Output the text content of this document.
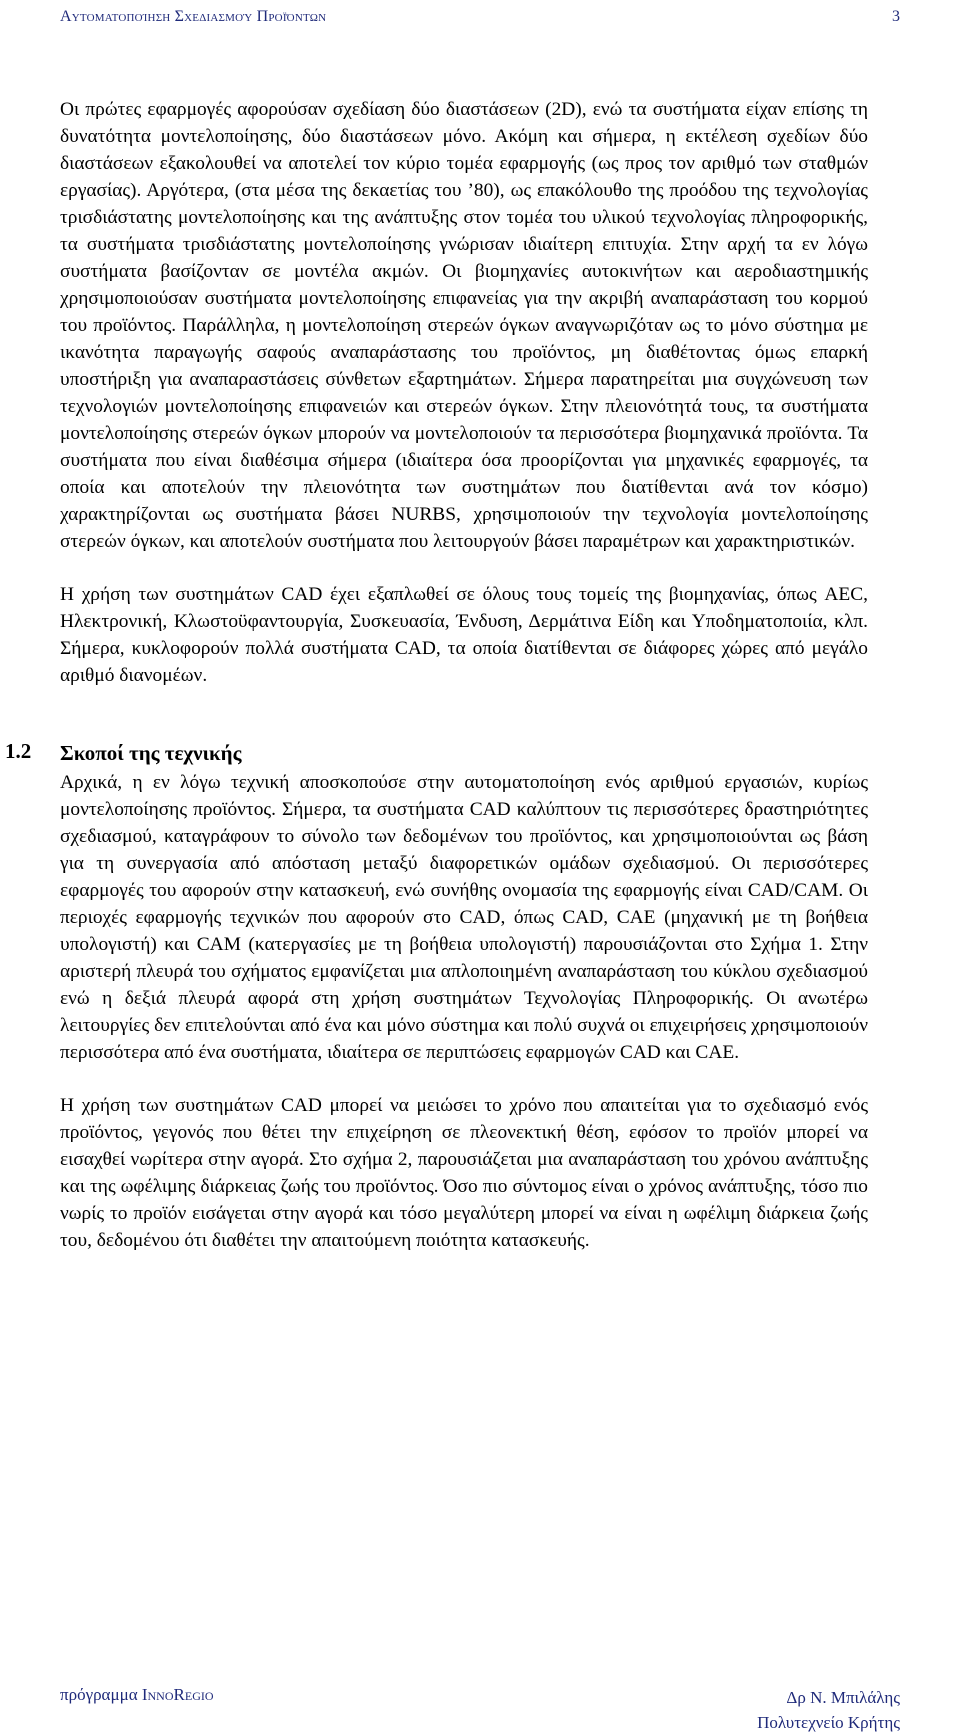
Αυτοματοποίηση Σχεδιασμού Προϊόντων	3

Οι πρώτες εφαρμογές αφορούσαν σχεδίαση δύο διαστάσεων (2D), ενώ τα συστήματα είχαν επίσης τη δυνατότητα μοντελοποίησης, δύο διαστάσεων μόνο. Ακόμη και σήμερα, η εκτέλεση σχεδίων δύο διαστάσεων εξακολουθεί να αποτελεί τον κύριο τομέα εφαρμογής (ως προς τον αριθμό των σταθμών εργασίας). Αργότερα, (στα μέσα της δεκαετίας του ’80), ως επακόλουθο της προόδου της τεχνολογίας τρισδιάστατης μοντελοποίησης και της ανάπτυξης στον τομέα του υλικού τεχνολογίας πληροφορικής, τα συστήματα τρισδιάστατης μοντελοποίησης γνώρισαν ιδιαίτερη επιτυχία. Στην αρχή τα εν λόγω συστήματα βασίζονταν σε μοντέλα ακμών. Οι βιομηχανίες αυτοκινήτων και αεροδιαστημικής χρησιμοποιούσαν συστήματα μοντελοποίησης επιφανείας για την ακριβή αναπαράσταση του κορμού του προϊόντος. Παράλληλα, η μοντελοποίηση στερεών όγκων αναγνωριζόταν ως το μόνο σύστημα με ικανότητα παραγωγής σαφούς αναπαράστασης του προϊόντος, μη διαθέτοντας όμως επαρκή υποστήριξη για αναπαραστάσεις σύνθετων εξαρτημάτων. Σήμερα παρατηρείται μια συγχώνευση των τεχνολογιών μοντελοποίησης επιφανειών και στερεών όγκων. Στην πλειονότητά τους, τα συστήματα μοντελοποίησης στερεών όγκων μπορούν να μοντελοποιούν τα περισσότερα βιομηχανικά προϊόντα. Τα συστήματα που είναι διαθέσιμα σήμερα (ιδιαίτερα όσα προορίζονται για μηχανικές εφαρμογές, τα οποία και αποτελούν την πλειονότητα των συστημάτων που διατίθενται ανά τον κόσμο) χαρακτηρίζονται ως συστήματα βάσει NURBS, χρησιμοποιούν την τεχνολογία μοντελοποίησης στερεών όγκων, και αποτελούν συστήματα που λειτουργούν βάσει παραμέτρων και χαρακτηριστικών.

Η χρήση των συστημάτων CAD έχει εξαπλωθεί σε όλους τους τομείς της βιομηχανίας, όπως AEC, Ηλεκτρονική, Κλωστοϋφαντουργία, Συσκευασία, Ένδυση, Δερμάτινα Είδη και Υποδηματοποιία, κλπ. Σήμερα, κυκλοφορούν πολλά συστήματα CAD, τα οποία διατίθενται σε διάφορες χώρες από μεγάλο αριθμό διανομέων.

1.2 Σκοποί της τεχνικής

Αρχικά, η εν λόγω τεχνική αποσκοπούσε στην αυτοματοποίηση ενός αριθμού εργασιών, κυρίως μοντελοποίησης προϊόντος. Σήμερα, τα συστήματα CAD καλύπτουν τις περισσότερες δραστηριότητες σχεδιασμού, καταγράφουν το σύνολο των δεδομένων του προϊόντος, και χρησιμοποιούνται ως βάση για τη συνεργασία από απόσταση μεταξύ διαφορετικών ομάδων σχεδιασμού. Οι περισσότερες εφαρμογές του αφορούν στην κατασκευή, ενώ συνήθης ονομασία της εφαρμογής είναι CAD/CAM. Οι περιοχές εφαρμογής τεχνικών που αφορούν στο CAD, όπως CAD, CAE (μηχανική με τη βοήθεια υπολογιστή) και CAM (κατεργασίες με τη βοήθεια υπολογιστή) παρουσιάζονται στο Σχήμα 1. Στην αριστερή πλευρά του σχήματος εμφανίζεται μια απλοποιημένη αναπαράσταση του κύκλου σχεδιασμού ενώ η δεξιά πλευρά αφορά στη χρήση συστημάτων Τεχνολογίας Πληροφορικής. Οι ανωτέρω λειτουργίες δεν επιτελούνται από ένα και μόνο σύστημα και πολύ συχνά οι επιχειρήσεις χρησιμοποιούν περισσότερα από ένα συστήματα, ιδιαίτερα σε περιπτώσεις εφαρμογών CAD και CAE.

Η χρήση των συστημάτων CAD μπορεί να μειώσει το χρόνο που απαιτείται για το σχεδιασμό ενός προϊόντος, γεγονός που θέτει την επιχείρηση σε πλεονεκτική θέση, εφόσον το προϊόν μπορεί να εισαχθεί νωρίτερα στην αγορά. Στο σχήμα 2, παρουσιάζεται μια αναπαράσταση του χρόνου ανάπτυξης και της ωφέλιμης διάρκειας ζωής του προϊόντος. Όσο πιο σύντομος είναι ο χρόνος ανάπτυξης, τόσο πιο νωρίς το προϊόν εισάγεται στην αγορά και τόσο μεγαλύτερη μπορεί να είναι η ωφέλιμη διάρκεια ζωής του, δεδομένου ότι διαθέτει την απαιτούμενη ποιότητα κατασκευής.

πρόγραμμα InnoRegio	Δρ Ν. Μπιλάλης
Πολυτεχνείο Κρήτης
